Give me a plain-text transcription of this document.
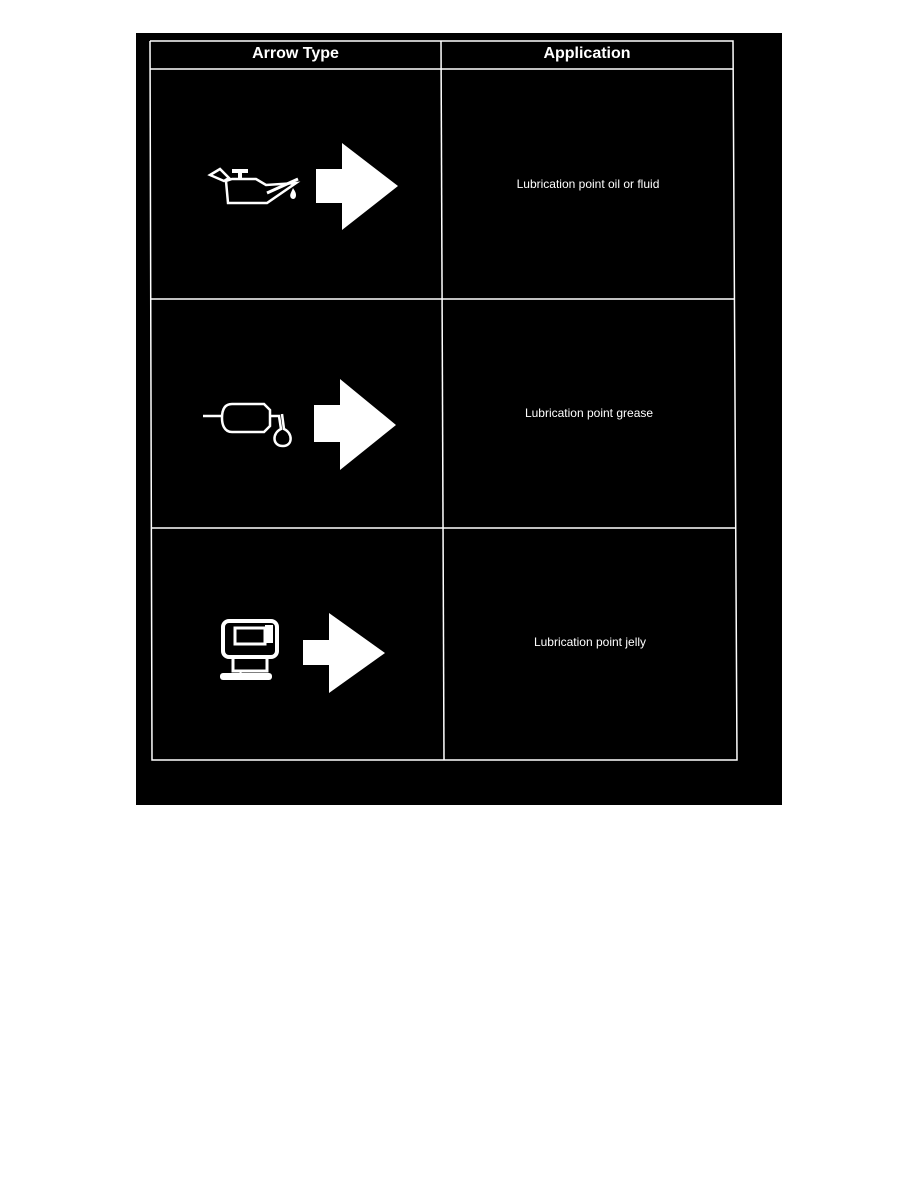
Arrow Type	Application
Lubrication point oil or fluid
Lubrication point grease
Lubrication point jelly
